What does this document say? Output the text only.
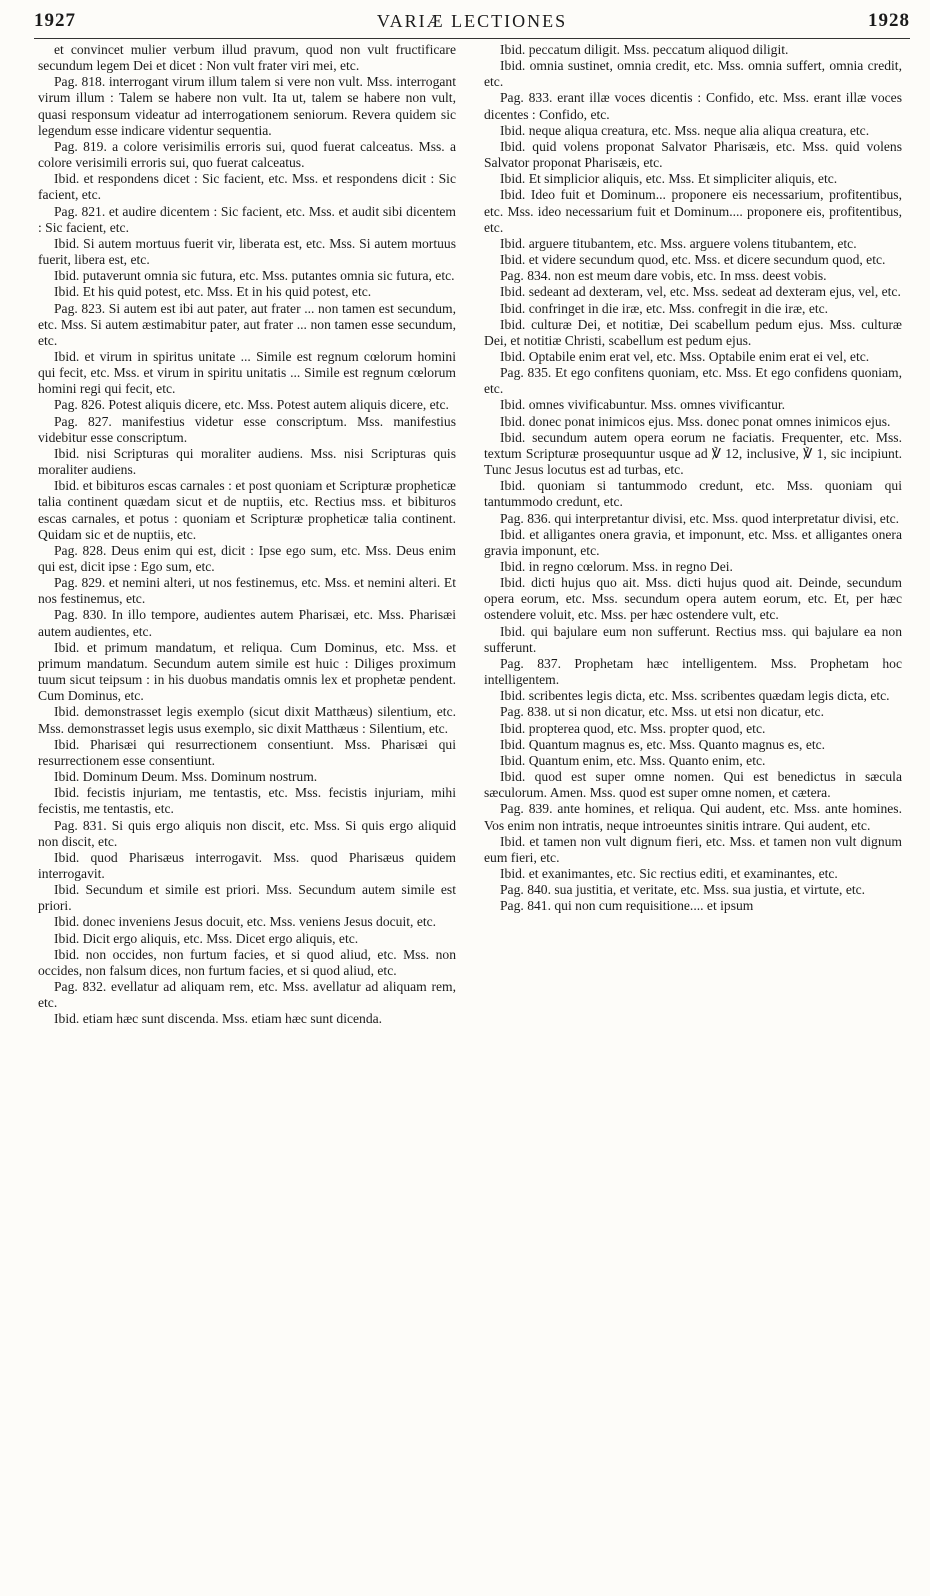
1927	VARIÆ LECTIONES	1928

et convincet mulier verbum illud pravum, quod non vult fructificare secundum legem Dei et dicet : Non vult frater viri mei, etc.

Pag. 818. interrogant virum illum talem si vere non vult. Mss. interrogant virum illum : Talem se habere non vult. Ita ut, talem se habere non vult, quasi responsum videatur ad interrogationem seniorum. Revera quidem sic legendum esse indicare videntur sequentia.

Pag. 819. a colore verisimilis erroris sui, quod fuerat calceatus. Mss. a colore verisimili erroris sui, quo fuerat calceatus.

Ibid. et respondens dicet : Sic facient, etc. Mss. et respondens dicit : Sic facient, etc.

Pag. 821. et audire dicentem : Sic facient, etc. Mss. et audit sibi dicentem : Sic facient, etc.

Ibid. Si autem mortuus fuerit vir, liberata est, etc. Mss. Si autem mortuus fuerit, libera est, etc.

Ibid. putaverunt omnia sic futura, etc. Mss. putantes omnia sic futura, etc.

Ibid. Et his quid potest, etc. Mss. Et in his quid potest, etc.

Pag. 823. Si autem est ibi aut pater, aut frater ... non tamen est secundum, etc. Mss. Si autem æstimabitur pater, aut frater ... non tamen esse secundum, etc.

Ibid. et virum in spiritus unitate ... Simile est regnum cœlorum homini qui fecit, etc. Mss. et virum in spiritu unitatis ... Simile est regnum cœlorum homini regi qui fecit, etc.

Pag. 826. Potest aliquis dicere, etc. Mss. Potest autem aliquis dicere, etc.

Pag. 827. manifestius videtur esse conscriptum. Mss. manifestius videbitur esse conscriptum.

Ibid. nisi Scripturas qui moraliter audiens. Mss. nisi Scripturas quis moraliter audiens.

Ibid. et bibituros escas carnales : et post quoniam et Scripturæ propheticæ talia continent quædam sicut et de nuptiis, etc. Rectius mss. et bibituros escas carnales, et potus : quoniam et Scripturæ propheticæ talia continent. Quidam sic et de nuptiis, etc.

Pag. 828. Deus enim qui est, dicit : Ipse ego sum, etc. Mss. Deus enim qui est, dicit ipse : Ego sum, etc.

Pag. 829. et nemini alteri, ut nos festinemus, etc. Mss. et nemini alteri. Et nos festinemus, etc.

Pag. 830. In illo tempore, audientes autem Pharisæi, etc. Mss. Pharisæi autem audientes, etc.

Ibid. et primum mandatum, et reliqua. Cum Dominus, etc. Mss. et primum mandatum. Secundum autem simile est huic : Diliges proximum tuum sicut teipsum : in his duobus mandatis omnis lex et prophetæ pendent. Cum Dominus, etc.

Ibid. demonstrasset legis exemplo (sicut dixit Matthæus) silentium, etc. Mss. demonstrasset legis usus exemplo, sic dixit Matthæus : Silentium, etc.

Ibid. Pharisæi qui resurrectionem consentiunt. Mss. Pharisæi qui resurrectionem esse consentiunt.

Ibid. Dominum Deum. Mss. Dominum nostrum.

Ibid. fecistis injuriam, me tentastis, etc. Mss. fecistis injuriam, mihi fecistis, me tentastis, etc.

Pag. 831. Si quis ergo aliquis non discit, etc. Mss. Si quis ergo aliquid non discit, etc.

Ibid. quod Pharisæus interrogavit. Mss. quod Pharisæus quidem interrogavit.

Ibid. Secundum et simile est priori. Mss. Secundum autem simile est priori.

Ibid. donec inveniens Jesus docuit, etc. Mss. veniens Jesus docuit, etc.

Ibid. Dicit ergo aliquis, etc. Mss. Dicet ergo aliquis, etc.

Ibid. non occides, non furtum facies, et si quod aliud, etc. Mss. non occides, non falsum dices, non furtum facies, et si quod aliud, etc.

Pag. 832. evellatur ad aliquam rem, etc. Mss. avellatur ad aliquam rem, etc.

Ibid. etiam hæc sunt discenda. Mss. etiam hæc sunt dicenda.

Ibid. peccatum diligit. Mss. peccatum aliquod diligit.

Ibid. omnia sustinet, omnia credit, etc. Mss. omnia suffert, omnia credit, etc.

Pag. 833. erant illæ voces dicentis : Confido, etc. Mss. erant illæ voces dicentes : Confido, etc.

Ibid. neque aliqua creatura, etc. Mss. neque alia aliqua creatura, etc.

Ibid. quid volens proponat Salvator Pharisæis, etc. Mss. quid volens Salvator proponat Pharisæis, etc.

Ibid. Et simplicior aliquis, etc. Mss. Et simpliciter aliquis, etc.

Ibid. Ideo fuit et Dominum... proponere eis necessarium, profitentibus, etc. Mss. ideo necessarium fuit et Dominum.... proponere eis, profitentibus, etc.

Ibid. arguere titubantem, etc. Mss. arguere volens titubantem, etc.

Ibid. et videre secundum quod, etc. Mss. et dicere secundum quod, etc.

Pag. 834. non est meum dare vobis, etc. In mss. deest vobis.

Ibid. sedeant ad dexteram, vel, etc. Mss. sedeat ad dexteram ejus, vel, etc.

Ibid. confringet in die iræ, etc. Mss. confregit in die iræ, etc.

Ibid. culturæ Dei, et notitiæ, Dei scabellum pedum ejus. Mss. culturæ Dei, et notitiæ Christi, scabellum est pedum ejus.

Ibid. Optabile enim erat vel, etc. Mss. Optabile enim erat ei vel, etc.

Pag. 835. Et ego confitens quoniam, etc. Mss. Et ego confidens quoniam, etc.

Ibid. omnes vivificabuntur. Mss. omnes vivificantur.

Ibid. donec ponat inimicos ejus. Mss. donec ponat omnes inimicos ejus.

Ibid. secundum autem opera eorum ne faciatis. Frequenter, etc. Mss. textum Scripturæ prosequuntur usque ad ℣ 12, inclusive, ℣ 1, sic incipiunt. Tunc Jesus locutus est ad turbas, etc.

Ibid. quoniam si tantummodo credunt, etc. Mss. quoniam qui tantummodo credunt, etc.

Pag. 836. qui interpretantur divisi, etc. Mss. quod interpretatur divisi, etc.

Ibid. et alligantes onera gravia, et imponunt, etc. Mss. et alligantes onera gravia imponunt, etc.

Ibid. in regno cœlorum. Mss. in regno Dei.

Ibid. dicti hujus quo ait. Mss. dicti hujus quod ait. Deinde, secundum opera eorum, etc. Mss. secundum opera autem eorum, etc. Et, per hæc ostendere voluit, etc. Mss. per hæc ostendere vult, etc.

Ibid. qui bajulare eum non sufferunt. Rectius mss. qui bajulare ea non sufferunt.

Pag. 837. Prophetam hæc intelligentem. Mss. Prophetam hoc intelligentem.

Ibid. scribentes legis dicta, etc. Mss. scribentes quædam legis dicta, etc.

Pag. 838. ut si non dicatur, etc. Mss. ut etsi non dicatur, etc.

Ibid. propterea quod, etc. Mss. propter quod, etc.

Ibid. Quantum magnus es, etc. Mss. Quanto magnus es, etc.

Ibid. Quantum enim, etc. Mss. Quanto enim, etc.

Ibid. quod est super omne nomen. Qui est benedictus in sæcula sæculorum. Amen. Mss. quod est super omne nomen, et cætera.

Pag. 839. ante homines, et reliqua. Qui audent, etc. Mss. ante homines. Vos enim non intratis, neque introeuntes sinitis intrare. Qui audent, etc.

Ibid. et tamen non vult dignum fieri, etc. Mss. et tamen non vult dignum eum fieri, etc.

Ibid. et exanimantes, etc. Sic rectius editi, et examinantes, etc.

Pag. 840. sua justitia, et veritate, etc. Mss. sua justia, et virtute, etc.

Pag. 841. qui non cum requisitione.... et ipsum
